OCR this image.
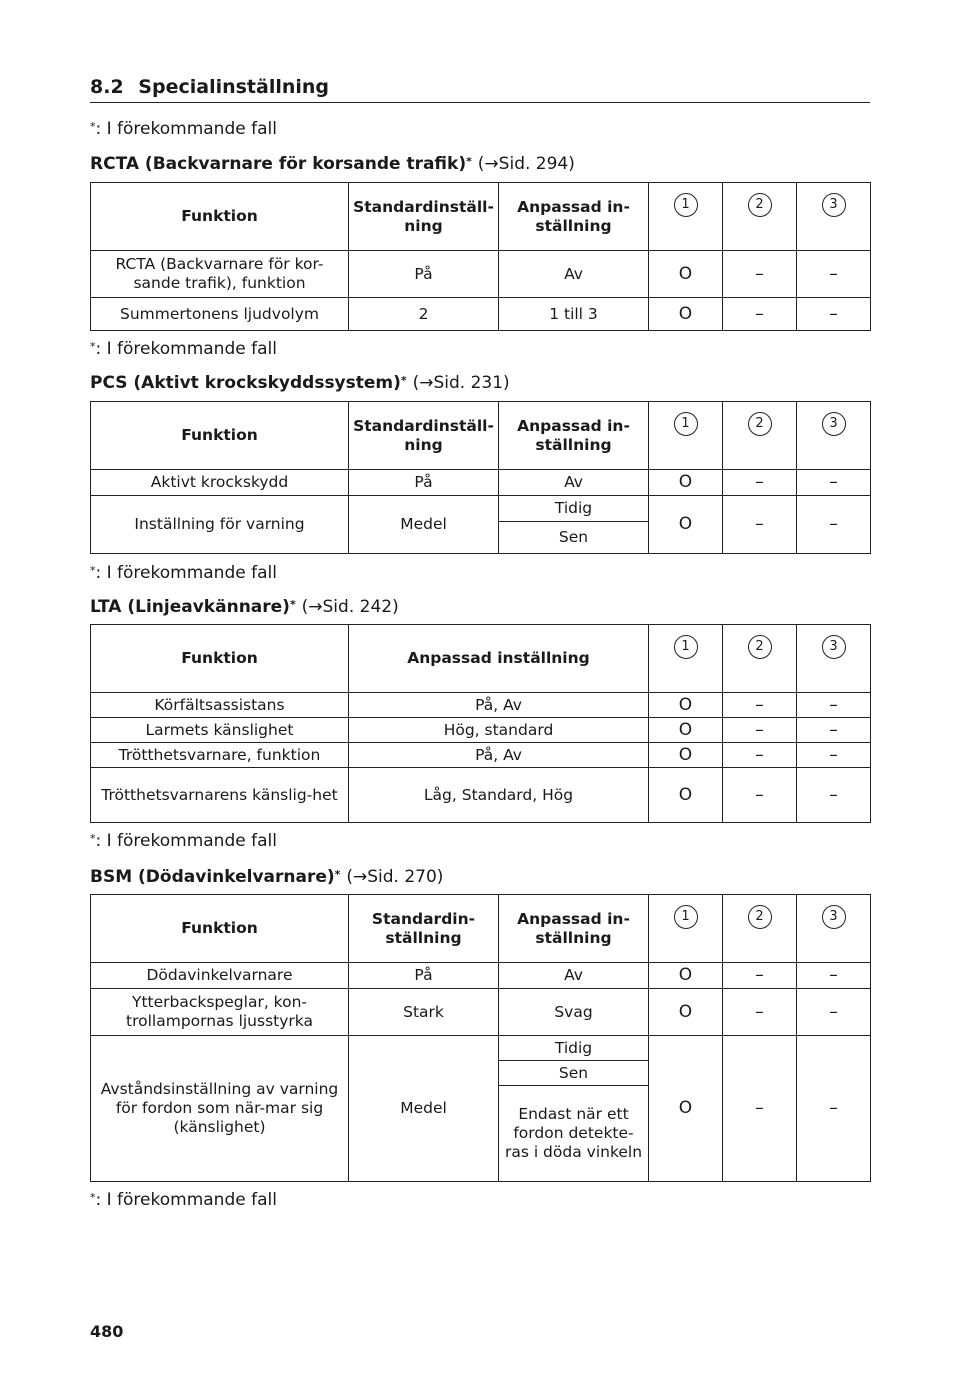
8.2 Specialinställning
*: I förekommande fall
RCTA (Backvarnare för korsande trafik)* (→Sid. 294)
Funktion	Standardinställ-ning	Anpassad in-ställning	1	2	3
RCTA (Backvarnare för kor-sande trafik), funktion	På	Av	O	–	–
Summertonens ljudvolym	2	1 till 3	O	–	–
*: I förekommande fall
PCS (Aktivt krockskyddssystem)* (→Sid. 231)
Funktion	Standardinställ-ning	Anpassad in-ställning	1	2	3
Aktivt krockskydd	På	Av	O	–	–
Inställning för varning	Medel	Tidig	O	–	–
		Sen			
*: I förekommande fall
LTA (Linjeavkännare)* (→Sid. 242)
Funktion	Anpassad inställning	1	2	3
Körfältsassistans	På, Av	O	–	–
Larmets känslighet	Hög, standard	O	–	–
Trötthetsvarnare, funktion	På, Av	O	–	–
Trötthetsvarnarens känslig-het	Låg, Standard, Hög	O	–	–
*: I förekommande fall
BSM (Dödavinkelvarnare)* (→Sid. 270)
Funktion	Standardin-ställning	Anpassad in-ställning	1	2	3
Dödavinkelvarnare	På	Av	O	–	–
Ytterbackspeglar, kon-trollampornas ljusstyrka	Stark	Svag	O	–	–
Avståndsinställning av varning för fordon som när-mar sig (känslighet)	Medel	Tidig	O	–	–
		Sen			
		Endast när ett fordon detekte-ras i döda vinkeln			
*: I förekommande fall
480
